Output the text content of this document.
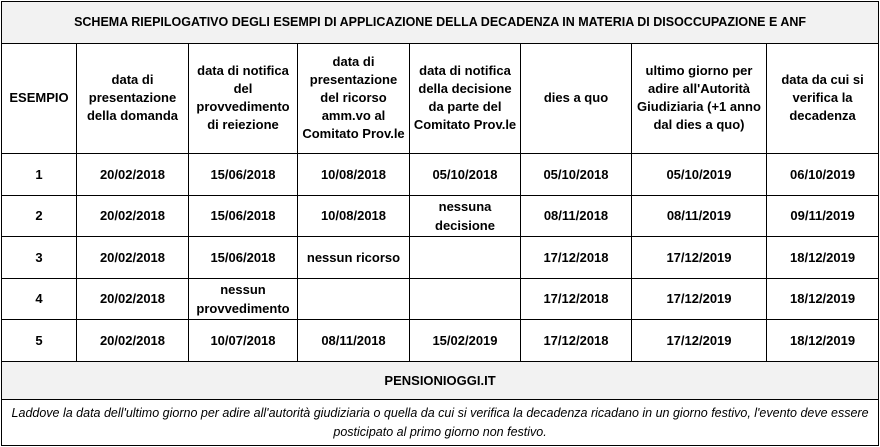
SCHEMA RIEPILOGATIVO DEGLI ESEMPI DI APPLICAZIONE DELLA DECADENZA IN MATERIA DI DISOCCUPAZIONE E ANF							
ESEMPIO	data di presentazione della domanda	data di notifica del provvedimento di reiezione	data di presentazione del ricorso amm.vo al Comitato Prov.le	data di notifica della decisione da parte del Comitato Prov.le	dies a quo	ultimo giorno per adire all'Autorità Giudiziaria (+1 anno dal dies a quo)	data da cui si verifica la decadenza
1	20/02/2018	15/06/2018	10/08/2018	05/10/2018	05/10/2018	05/10/2019	06/10/2019
2	20/02/2018	15/06/2018	10/08/2018	nessuna decisione	08/11/2018	08/11/2019	09/11/2019
3	20/02/2018	15/06/2018	nessun ricorso		17/12/2018	17/12/2019	18/12/2019
4	20/02/2018	nessun provvedimento			17/12/2018	17/12/2019	18/12/2019
5	20/02/2018	10/07/2018	08/11/2018	15/02/2019	17/12/2018	17/12/2019	18/12/2019
PENSIONIOGGI.IT							
Laddove la data dell'ultimo giorno per adire all'autorità giudiziaria o quella da cui si verifica la decadenza ricadano in un giorno festivo, l'evento deve essere posticipato al primo giorno non festivo.							
